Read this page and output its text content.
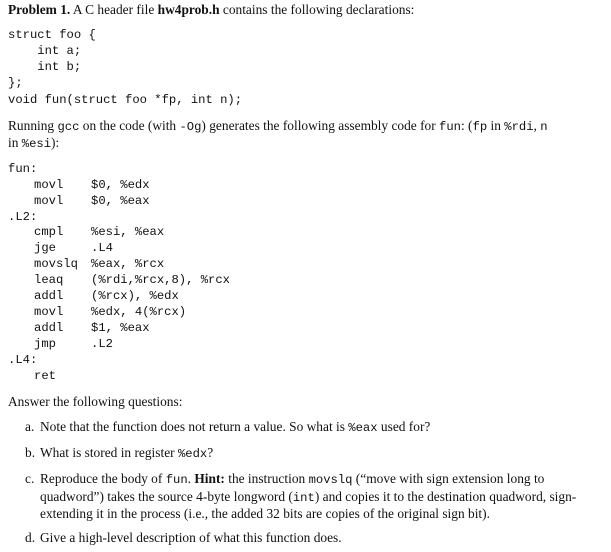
Problem 1. A C header file hw4prob.h contains the following declarations:
struct foo {
int a;
int b;
};
void fun(struct foo *fp, int n);
Running gcc on the code (with -Og) generates the following assembly code for fun: (fp in %rdi, n
in %esi):
fun:
movl $0, %edx
movl $0, %eax
.L2:
cmpl %esi, %eax
jge	.L4
movslq %eax, %rcx
leaq (%rdi,%rcx,8), %rcx
addl (%rcx), %edx
movl %edx, 4(%rcx)
addl $1, %eax
jmp	.L2
.L4:
ret
Answer the following questions:
a. Note that the function does not return a value. So what is %eax used for?
b. What is stored in register %edx?
c. Reproduce the body of fun. Hint: the instruction movslq (“move with sign extension long to quadword”) takes the source 4-byte longword (int) and copies it to the destination quadword, sign-extending it in the process (i.e., the added 32 bits are copies of the original sign bit).
d. Give a high-level description of what this function does.
